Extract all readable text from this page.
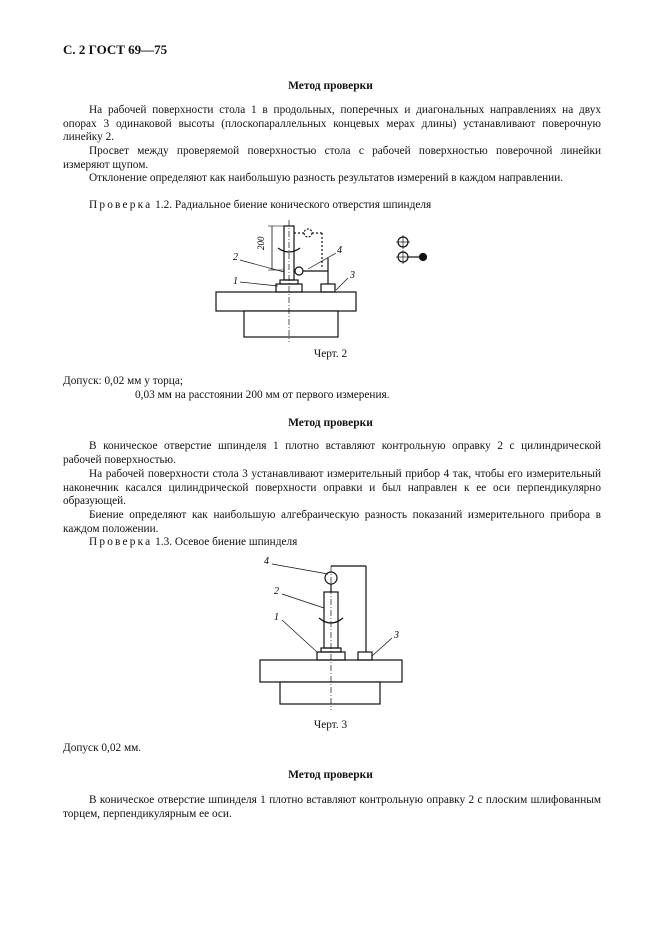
С. 2 ГОСТ 69—75
Метод проверки
На рабочей поверхности стола 1 в продольных, поперечных и диагональных направлениях на двух опорах 3 одинаковой высоты (плоскопараллельных концевых мерах длины) устанавливают поверочную линейку 2.
Просвет между проверяемой поверхностью стола с рабочей поверхностью поверочной линейки измеряют щупом.
Отклонение определяют как наибольшую разность результатов измерений в каждом направлении.
Проверка 1.2. Радиальное биение конического отверстия шпинделя
200
2
1
4
3
Черт. 2
Допуск: 0,02 мм у торца;
0,03 мм на расстоянии 200 мм от первого измерения.
Метод проверки
В коническое отверстие шпинделя 1 плотно вставляют контрольную оправку 2 с цилиндрической рабочей поверхностью.
На рабочей поверхности стола 3 устанавливают измерительный прибор 4 так, чтобы его измерительный наконечник касался цилиндрической поверхности оправки и был направлен к ее оси перпендикулярно образующей.
Биение определяют как наибольшую алгебраическую разность показаний измерительного прибора в каждом положении.
Проверка 1.3. Осевое биение шпинделя
4
2
1
3
Черт. 3
Допуск 0,02 мм.
Метод проверки
В коническое отверстие шпинделя 1 плотно вставляют контрольную оправку 2 с плоским шлифованным торцем, перпендикулярным ее оси.
